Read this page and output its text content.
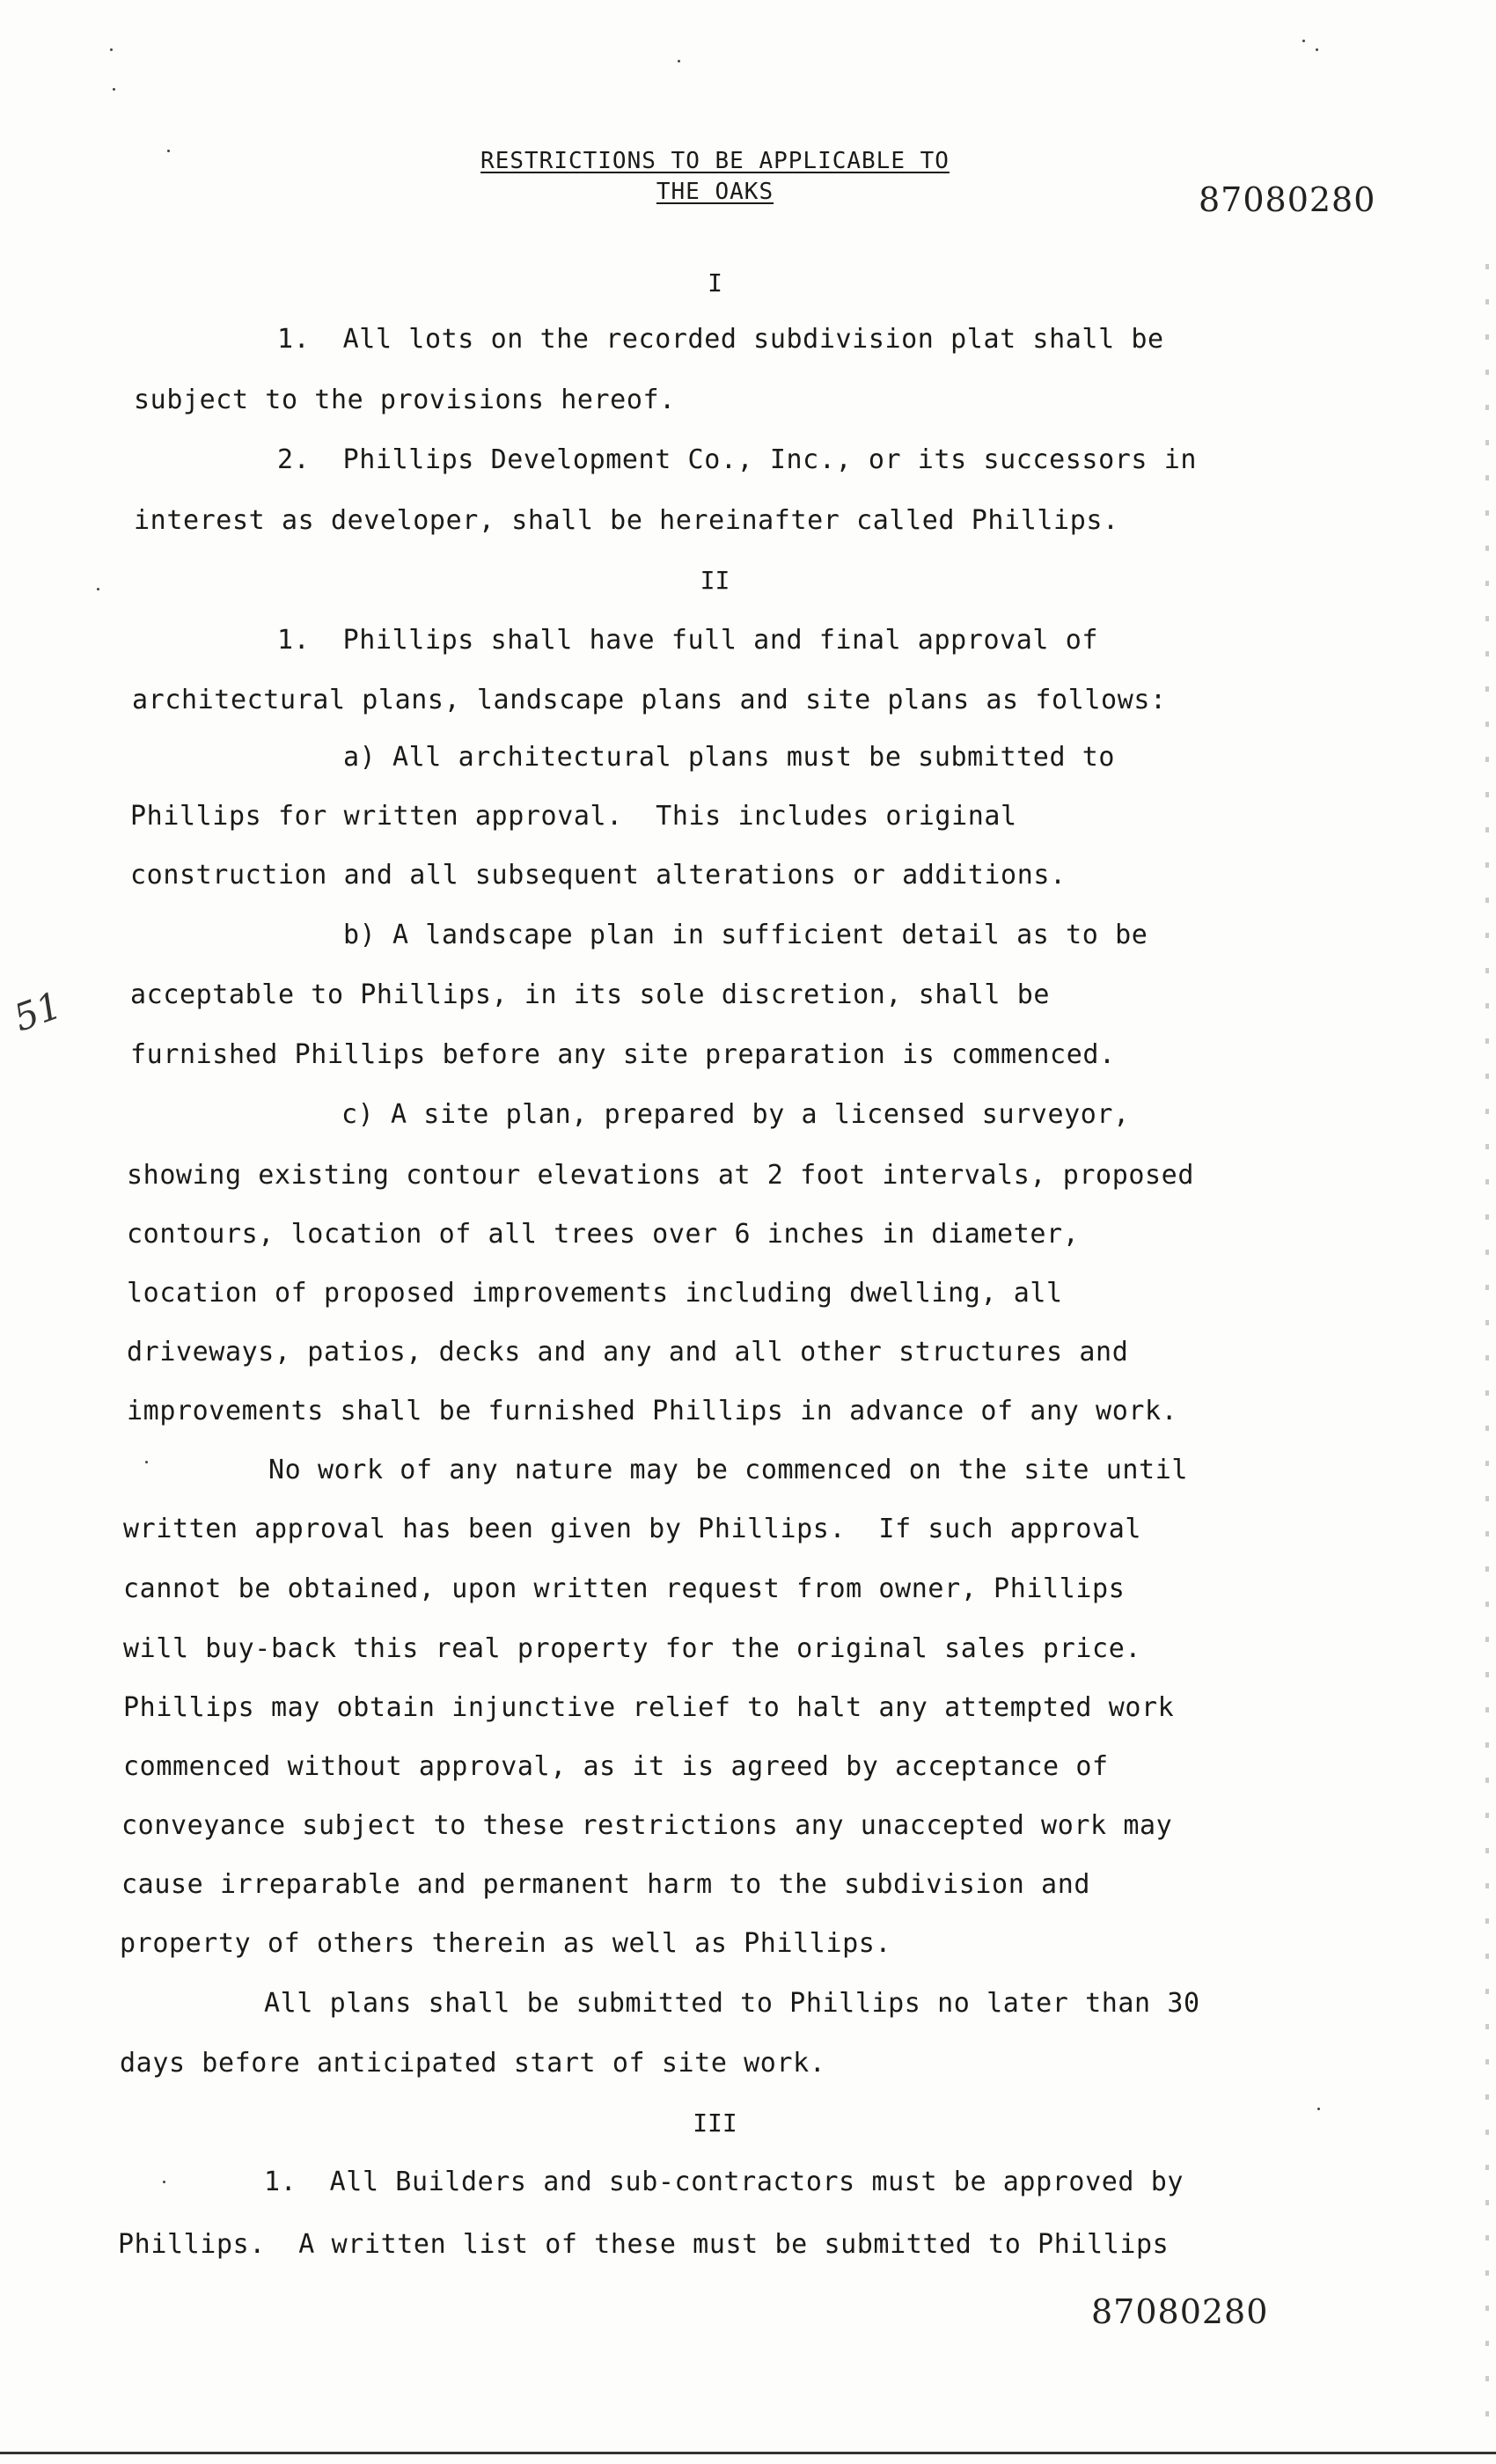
RESTRICTIONS TO BE APPLICABLE TO
THE OAKS	87080280
I
1.  All lots on the recorded subdivision plat shall be
subject to the provisions hereof.
2.  Phillips Development Co., Inc., or its successors in
interest as developer, shall be hereinafter called Phillips.
II
1.  Phillips shall have full and final approval of
architectural plans, landscape plans and site plans as follows:
a) All architectural plans must be submitted to
Phillips for written approval.  This includes original
construction and all subsequent alterations or additions.
b) A landscape plan in sufficient detail as to be
acceptable to Phillips, in its sole discretion, shall be
furnished Phillips before any site preparation is commenced.
c) A site plan, prepared by a licensed surveyor,
showing existing contour elevations at 2 foot intervals, proposed
contours, location of all trees over 6 inches in diameter,
location of proposed improvements including dwelling, all
driveways, patios, decks and any and all other structures and
improvements shall be furnished Phillips in advance of any work.
No work of any nature may be commenced on the site until
written approval has been given by Phillips.  If such approval
cannot be obtained, upon written request from owner, Phillips
will buy-back this real property for the original sales price.
Phillips may obtain injunctive relief to halt any attempted work
commenced without approval, as it is agreed by acceptance of
conveyance subject to these restrictions any unaccepted work may
cause irreparable and permanent harm to the subdivision and
property of others therein as well as Phillips.
All plans shall be submitted to Phillips no later than 30
days before anticipated start of site work.
III
1.  All Builders and sub-contractors must be approved by
Phillips.  A written list of these must be submitted to Phillips
87080280
51
